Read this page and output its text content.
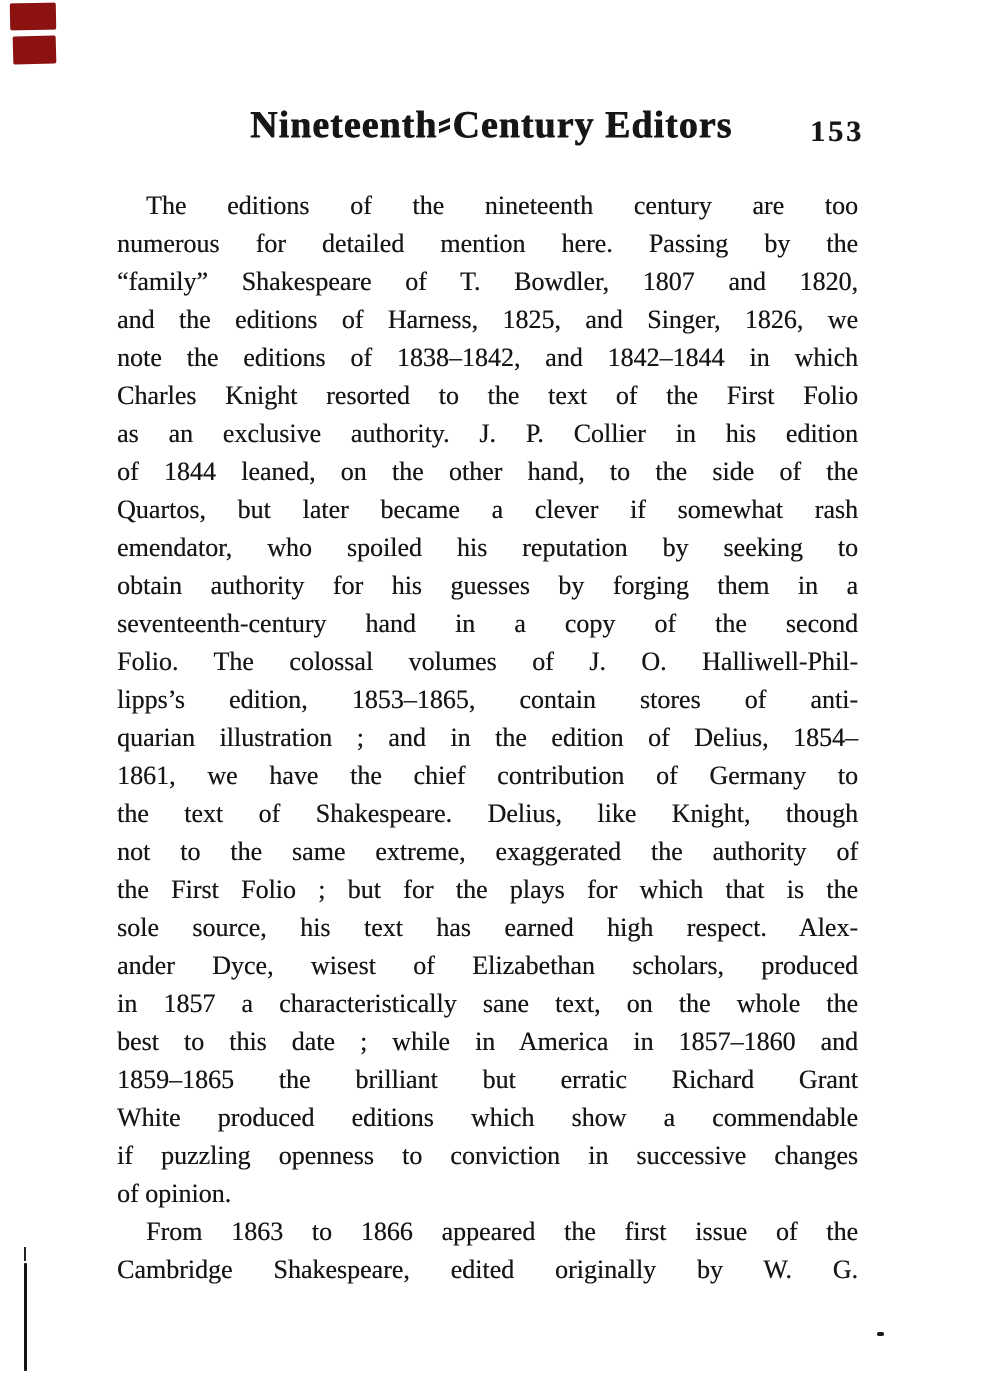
Nineteenth Century Editors	153
The editions of the nineteenth century are too
numerous for detailed mention here. Passing by the
“family” Shakespeare of T. Bowdler, 1807 and 1820,
and the editions of Harness, 1825, and Singer, 1826, we
note the editions of 1838–1842, and 1842–1844 in which
Charles Knight resorted to the text of the First Folio
as an exclusive authority. J. P. Collier in his edition
of 1844 leaned, on the other hand, to the side of the
Quartos, but later became a clever if somewhat rash
emendator, who spoiled his reputation by seeking to
obtain authority for his guesses by forging them in a
seventeenth-century hand in a copy of the second
Folio. The colossal volumes of J. O. Halliwell-Phil-
lipps’s edition, 1853–1865, contain stores of anti-
quarian illustration ; and in the edition of Delius, 1854–
1861, we have the chief contribution of Germany to
the text of Shakespeare. Delius, like Knight, though
not to the same extreme, exaggerated the authority of
the First Folio ; but for the plays for which that is the
sole source, his text has earned high respect. Alex-
ander Dyce, wisest of Elizabethan scholars, produced
in 1857 a characteristically sane text, on the whole the
best to this date ; while in America in 1857–1860 and
1859–1865 the brilliant but erratic Richard Grant
White produced editions which show a commendable
if puzzling openness to conviction in successive changes
of opinion.
From 1863 to 1866 appeared the first issue of the
Cambridge Shakespeare, edited originally by W. G.
